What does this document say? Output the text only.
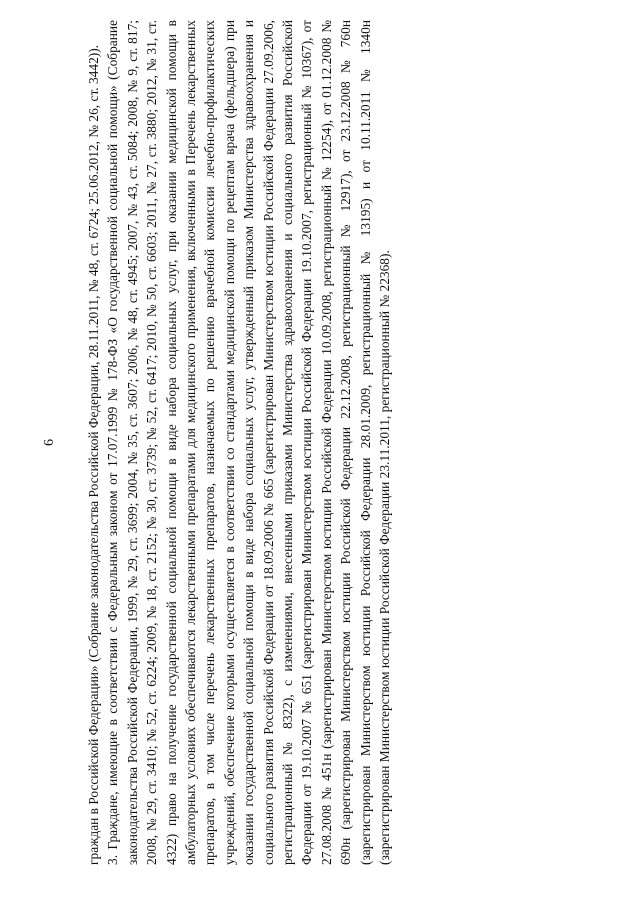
6 граждан в Российской Федерации» (Собрание законодательства Российской Федерации, 28.11.2011, № 48, ст. 6724; 25.06.2012, № 26, ст. 3442)). 3. Граждане, имеющие в соответствии с Федеральным законом от 17.07.1999 № 178-ФЗ «О государственной социальной помощи» (Собрание законодательства Российской Федерации, 1999, № 29, ст. 3699; 2004, № 35, ст. 3607; 2006, № 48, ст. 4945; 2007, № 43, ст. 5084; 2008, № 9, ст. 817; 2008, № 29, ст. 3410; № 52, ст. 6224; 2009, № 18, ст. 2152; № 30, ст. 3739; № 52, ст. 6417; 2010, № 50, ст. 6603; 2011, № 27, ст. 3880; 2012, № 31, ст. 4322) право на получение государственной социальной помощи в виде набора социальных услуг, при оказании медицинской помощи в амбулаторных условиях обеспечиваются лекарственными препаратами для медицинского применения, включенными в Перечень лекарственных препаратов, в том числе перечень лекарственных препаратов, назначаемых по решению врачебной комиссии лечебно-профилактических учреждений, обеспечение которыми осуществляется в соответствии со стандартами медицинской помощи по рецептам врача (фельдшера) при оказании государственной социальной помощи в виде набора социальных услуг, утвержденный приказом Министерства здравоохранения и социального развития Российской Федерации от 18.09.2006 № 665 (зарегистрирован Министерством юстиции Российской Федерации 27.09.2006, регистрационный № 8322), с изменениями, внесенными приказами Министерства здравоохранения и социального развития Российской Федерации от 19.10.2007 № 651 (зарегистрирован Министерством юстиции Российской Федерации 19.10.2007, регистрационный № 10367), от 27.08.2008 № 451н (зарегистрирован Министерством юстиции Российской Федерации 10.09.2008, регистрационный № 12254), от 01.12.2008 № 690н (зарегистрирован Министерством юстиции Российской Федерации 22.12.2008, регистрационный № 12917), от 23.12.2008 № 760н (зарегистрирован Министерством юстиции Российской Федерации 28.01.2009, регистрационный № 13195) и от 10.11.2011 № 1340н (зарегистрирован Министерством юстиции Российской Федерации 23.11.2011, регистрационный № 22368).
